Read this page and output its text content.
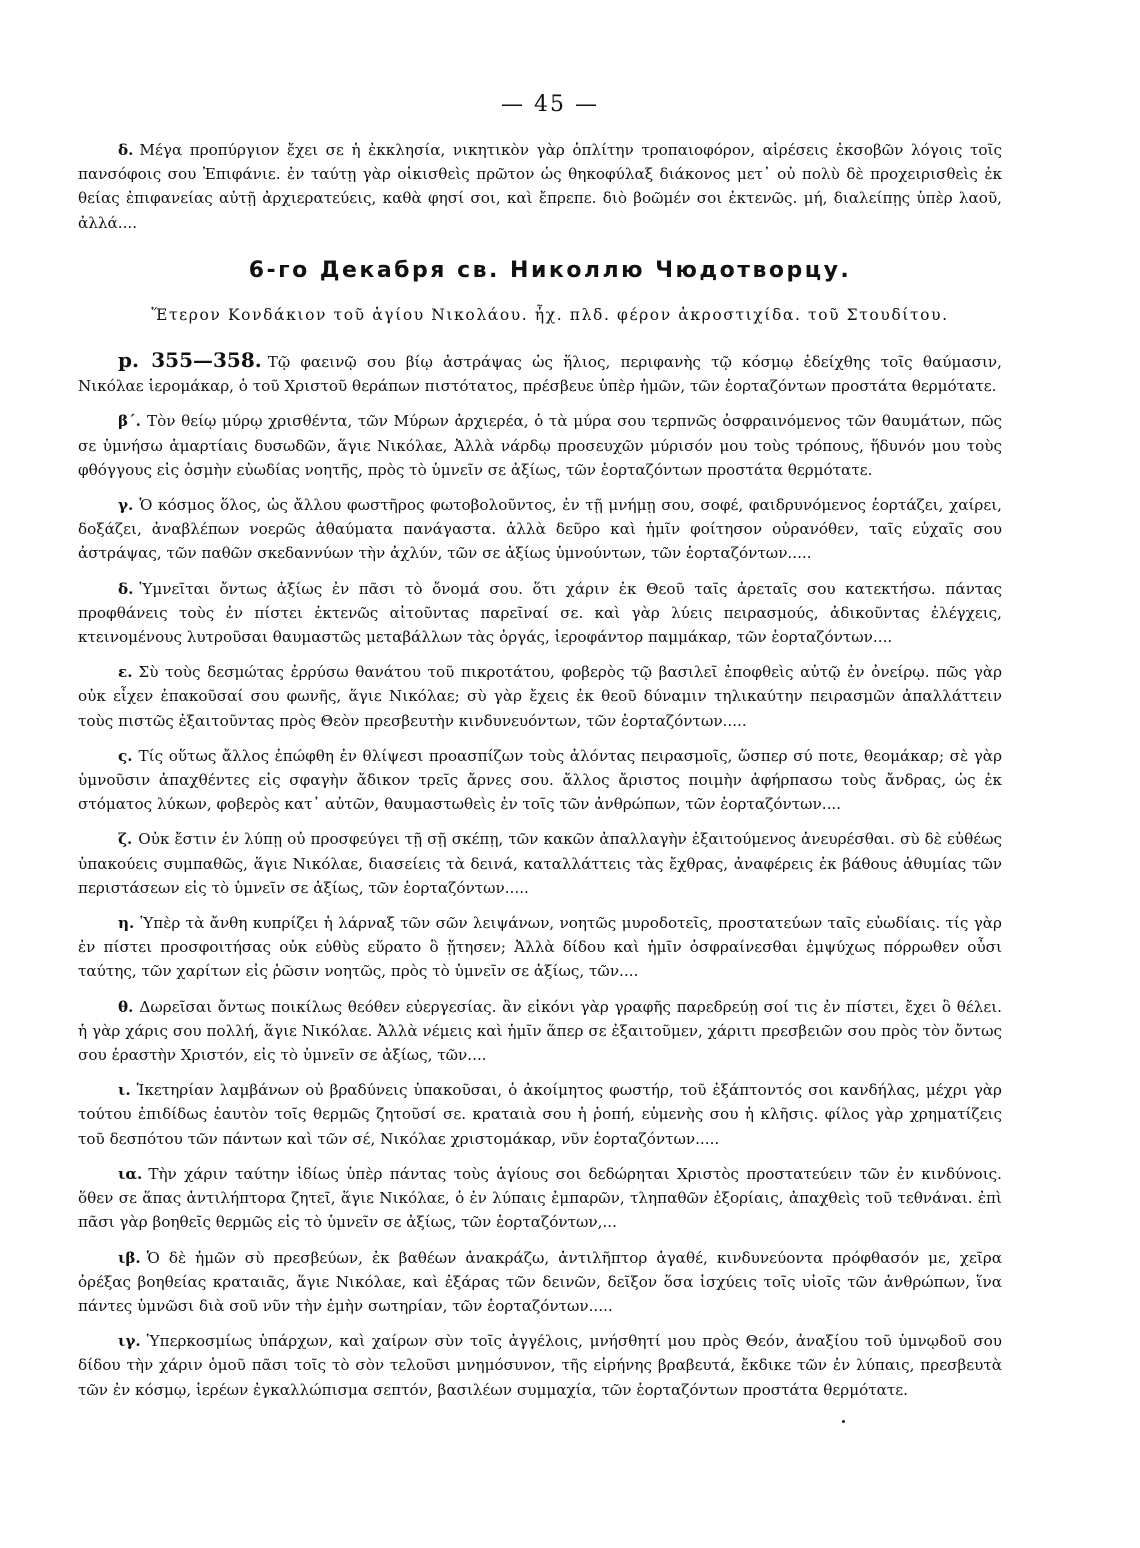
— 45 —

δ. Μέγα προπύργιον ἔχει σε ἡ ἐκκλησία, νικητικὸν γὰρ ὁπλίτην τροπαιοφόρον, αἱρέσεις ἐκσοβῶν λόγοις τοῖς πανσόφοις σου Ἐπιφάνιε. ἐν ταύτῃ γὰρ οἰκισθεὶς πρῶτον ὡς θηκοφύλαξ διάκονος μετ᾽ οὐ πολὺ δὲ προχειρισθεὶς ἐκ θείας ἐπιφανείας αὐτῇ ἀρχιερατεύεις, καθὰ φησί σοι, καὶ ἔπρεπε. διὸ βοῶμέν σοι ἐκτενῶς. μή, διαλείπῃς ὑπὲρ λαοῦ, ἀλλά....

6-го Декабря св. Николлю Чюдотворцу.
Ἕτερον Κονδάκιον τοῦ ἁγίου Νικολάου. ἦχ. πλδ. φέρον ἀκροστιχίδα. τοῦ Στουδίτου.

p. 355—358. Τῷ φαεινῷ σου βίῳ ἀστράψας ὡς ἥλιος, περιφανὴς τῷ κόσμῳ ἐδείχθης τοῖς θαύμασιν, Νικόλαε ἱερομάκαρ, ὁ τοῦ Χριστοῦ θεράπων πιστότατος, πρέσβευε ὑπὲρ ἡμῶν, τῶν ἑορταζόντων προστάτα θερμότατε.

β΄. Τὸν θείῳ μύρῳ χρισθέντα, τῶν Μύρων ἀρχιερέα, ὁ τὰ μύρα σου τερπνῶς ὀσφραινόμενος τῶν θαυμάτων, πῶς σε ὑμνήσω ἁμαρτίαις δυσωδῶν, ἅγιε Νικόλαε, Ἀλλὰ νάρδῳ προσευχῶν μύρισόν μου τοὺς τρόπους, ἥδυνόν μου τοὺς φθόγγους εἰς ὀσμὴν εὐωδίας νοητῆς, πρὸς τὸ ὑμνεῖν σε ἀξίως, τῶν ἑορταζόντων προστάτα θερμότατε.

γ. Ὁ κόσμος ὅλος, ὡς ἄλλου φωστῆρος φωτοβολοῦντος, ἐν τῇ μνήμῃ σου, σοφέ, φαιδρυνόμενος ἑορτάζει, χαίρει, δοξάζει, ἀναβλέπων νοερῶς ἀθαύματα πανάγαστα. ἀλλὰ δεῦρο καὶ ἡμῖν φοίτησον οὐρανόθεν, ταῖς εὐχαῖς σου ἀστράψας, τῶν παθῶν σκεδαννύων τὴν ἀχλύν, τῶν σε ἀξίως ὑμνούντων, τῶν ἑορταζόντων.....

δ. Ὑμνεῖται ὄντως ἀξίως ἐν πᾶσι τὸ ὄνομά σου. ὅτι χάριν ἐκ Θεοῦ ταῖς ἀρεταῖς σου κατεκτήσω. πάντας προφθάνεις τοὺς ἐν πίστει ἐκτενῶς αἰτοῦντας παρεῖναί σε. καὶ γὰρ λύεις πειρασμούς, ἀδικοῦντας ἐλέγχεις, κτεινομένους λυτροῦσαι θαυμαστῶς μεταβάλλων τὰς ὀργάς, ἱεροφάντορ παμμάκαρ, τῶν ἑορταζόντων....

ε. Σὺ τοὺς δεσμώτας ἐρρύσω θανάτου τοῦ πικροτάτου, φοβερὸς τῷ βασιλεῖ ἐποφθεὶς αὐτῷ ἐν ὀνείρῳ. πῶς γὰρ οὐκ εἶχεν ἐπακοῦσαί σου φωνῆς, ἅγιε Νικόλαε; σὺ γὰρ ἔχεις ἐκ θεοῦ δύναμιν τηλικαύτην πειρασμῶν ἀπαλλάττειν τοὺς πιστῶς ἐξαιτοῦντας πρὸς Θεὸν πρεσβευτὴν κινδυνευόντων, τῶν ἑορταζόντων.....

ς. Τίς οὕτως ἄλλος ἐπώφθη ἐν θλίψεσι προασπίζων τοὺς ἁλόντας πειρασμοῖς, ὥσπερ σύ ποτε, θεομάκαρ; σὲ γὰρ ὑμνοῦσιν ἀπαχθέντες εἰς σφαγὴν ἄδικον τρεῖς ἄρνες σου. ἄλλος ἄριστος ποιμὴν ἀφήρπασω τοὺς ἄνδρας, ὡς ἐκ στόματος λύκων, φοβερὸς κατ᾽ αὐτῶν, θαυμαστωθεὶς ἐν τοῖς τῶν ἀνθρώπων, τῶν ἑορταζόντων....

ζ. Οὐκ ἔστιν ἐν λύπῃ οὐ προσφεύγει τῇ σῇ σκέπῃ, τῶν κακῶν ἀπαλλαγὴν ἐξαιτούμενος ἀνευρέσθαι. σὺ δὲ εὐθέως ὑπακούεις συμπαθῶς, ἅγιε Νικόλαε, διασείεις τὰ δεινά, καταλλάττεις τὰς ἔχθρας, ἀναφέρεις ἐκ βάθους ἀθυμίας τῶν περιστάσεων εἰς τὸ ὑμνεῖν σε ἀξίως, τῶν ἑορταζόντων.....

η. Ὑπὲρ τὰ ἄνθη κυπρίζει ἡ λάρναξ τῶν σῶν λειψάνων, νοητῶς μυροδοτεῖς, προστατεύων ταῖς εὐωδίαις. τίς γὰρ ἐν πίστει προσφοιτήσας οὐκ εὐθὺς εὕρατο ὃ ᾔτησεν; Ἀλλὰ δίδου καὶ ἡμῖν ὀσφραίνεσθαι ἐμψύχως πόρρωθεν οὖσι ταύτης, τῶν χαρίτων εἰς ῥῶσιν νοητῶς, πρὸς τὸ ὑμνεῖν σε ἀξίως, τῶν....

θ. Δωρεῖσαι ὄντως ποικίλως θεόθεν εὐεργεσίας. ἂν εἰκόνι γὰρ γραφῆς παρεδρεύῃ σοί τις ἐν πίστει, ἔχει ὃ θέλει. ἡ γὰρ χάρις σου πολλή, ἅγιε Νικόλαε. Ἀλλὰ νέμεις καὶ ἡμῖν ἅπερ σε ἐξαιτοῦμεν, χάριτι πρεσβειῶν σου πρὸς τὸν ὄντως σου ἐραστὴν Χριστόν, εἰς τὸ ὑμνεῖν σε ἀξίως, τῶν....

ι. Ἱκετηρίαν λαμβάνων οὐ βραδύνεις ὑπακοῦσαι, ὁ ἀκοίμητος φωστήρ, τοῦ ἐξάπτοντός σοι κανδήλας, μέχρι γὰρ τούτου ἐπιδίδως ἑαυτὸν τοῖς θερμῶς ζητοῦσί σε. κραταιὰ σου ἡ ῥοπή, εὐμενὴς σου ἡ κλῆσις. φίλος γὰρ χρηματίζεις τοῦ δεσπότου τῶν πάντων καὶ τῶν σέ, Νικόλαε χριστομάκαρ, νῦν ἑορταζόντων.....

ια. Τὴν χάριν ταύτην ἰδίως ὑπὲρ πάντας τοὺς ἁγίους σοι δεδώρηται Χριστὸς προστατεύειν τῶν ἐν κινδύνοις. ὅθεν σε ἅπας ἀντιλήπτορα ζητεῖ, ἅγιε Νικόλαε, ὁ ἐν λύπαις ἐμπαρῶν, τληπαθῶν ἐξορίαις, ἀπαχθεὶς τοῦ τεθνάναι. ἐπὶ πᾶσι γὰρ βοηθεῖς θερμῶς εἰς τὸ ὑμνεῖν σε ἀξίως, τῶν ἑορταζόντων,...

ιβ. Ὁ δὲ ἡμῶν σὺ πρεσβεύων, ἐκ βαθέων ἀνακράζω, ἀντιλῆπτορ ἀγαθέ, κινδυνεύοντα πρόφθασόν με, χεῖρα ὀρέξας βοηθείας κραταιᾶς, ἅγιε Νικόλαε, καὶ ἐξάρας τῶν δεινῶν, δεῖξον ὅσα ἰσχύεις τοῖς υἱοῖς τῶν ἀνθρώπων, ἵνα πάντες ὑμνῶσι διὰ σοῦ νῦν τὴν ἐμὴν σωτηρίαν, τῶν ἑορταζόντων.....

ιγ. Ὑπερκοσμίως ὑπάρχων, καὶ χαίρων σὺν τοῖς ἀγγέλοις, μνήσθητί μου πρὸς Θεόν, ἀναξίου τοῦ ὑμνῳδοῦ σου δίδου τὴν χάριν ὁμοῦ πᾶσι τοῖς τὸ σὸν τελοῦσι μνημόσυνον, τῆς εἰρήνης βραβευτά, ἔκδικε τῶν ἐν λύπαις, πρεσβευτὰ τῶν ἐν κόσμῳ, ἱερέων ἐγκαλλώπισμα σεπτόν, βασιλέων συμμαχία, τῶν ἑορταζόντων προστάτα θερμότατε.
